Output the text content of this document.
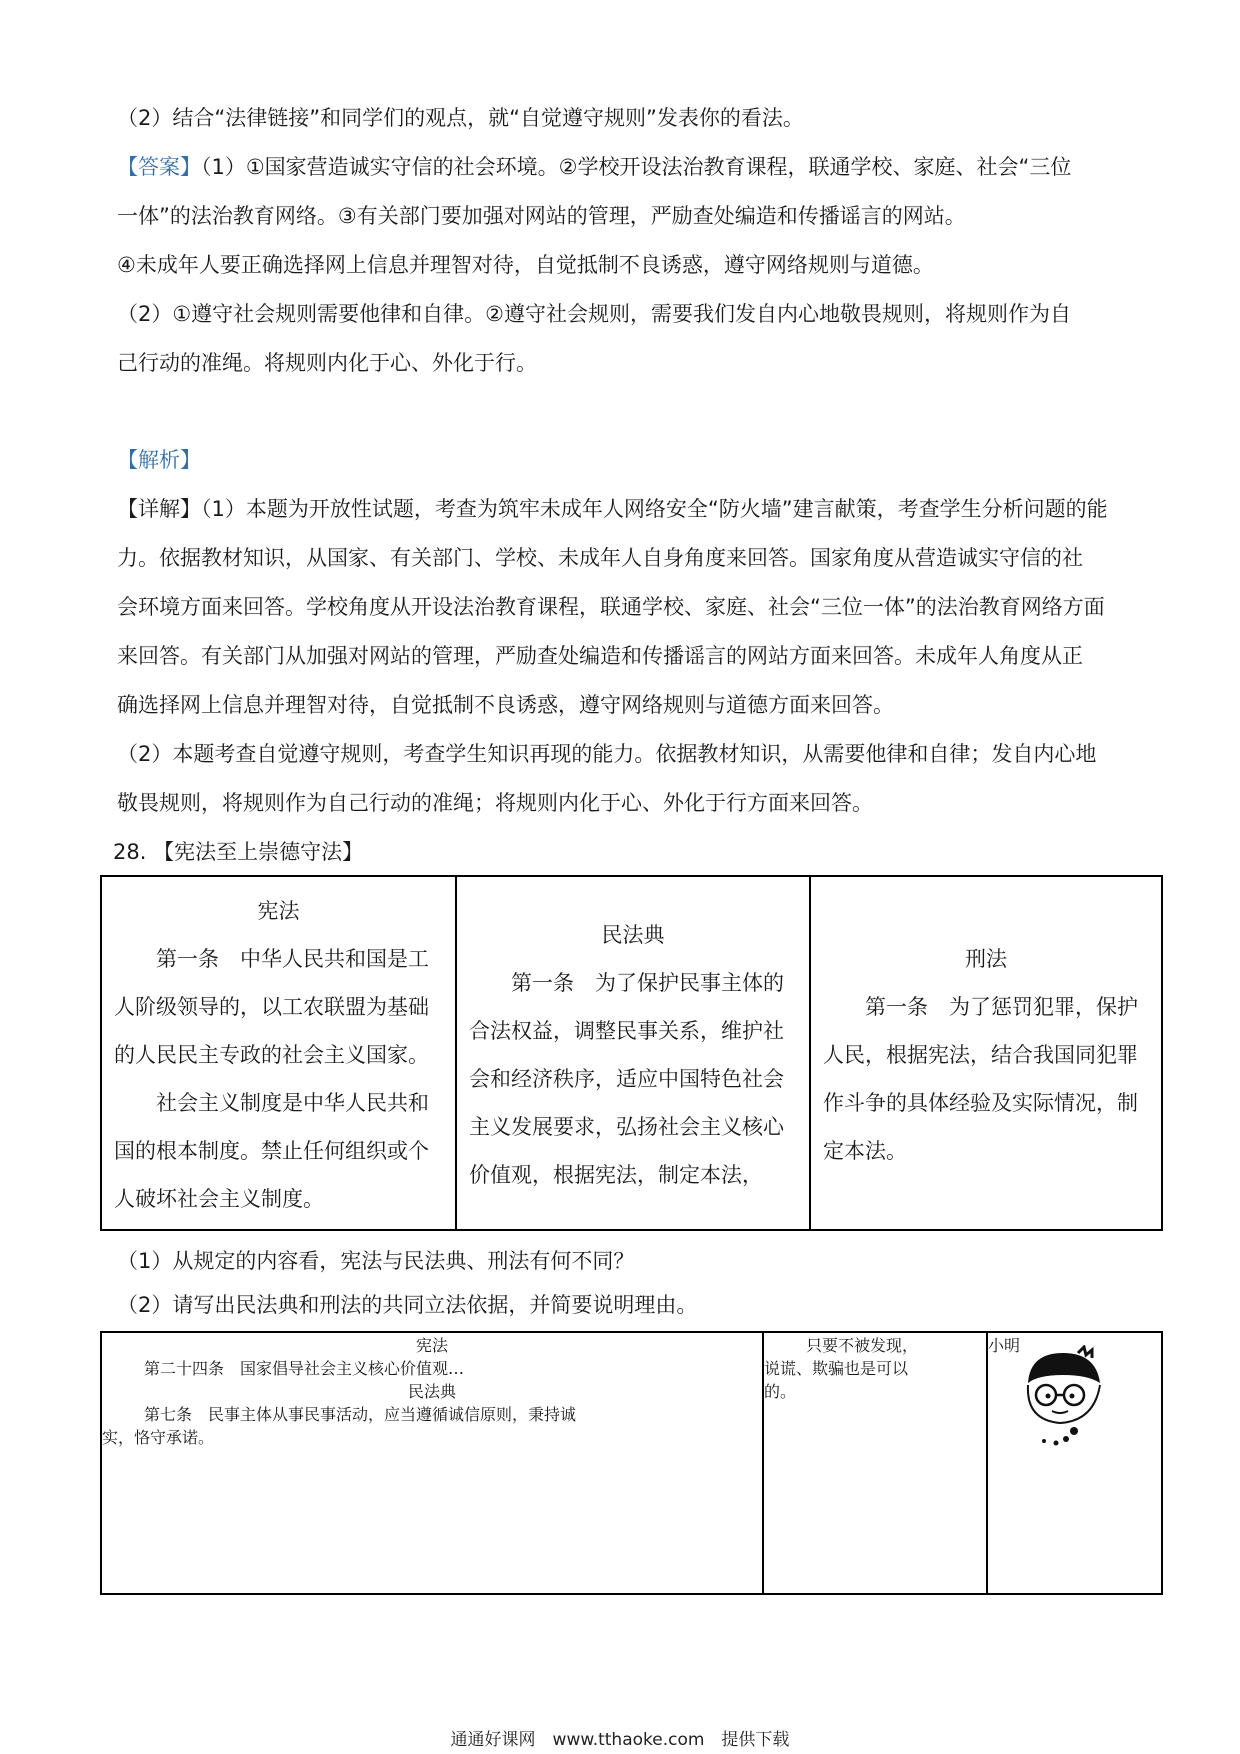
（2）结合“法律链接”和同学们的观点，就“自觉遵守规则”发表你的看法。

【答案】（1）①国家营造诚实守信的社会环境。②学校开设法治教育课程，联通学校、家庭、社会“三位

一体”的法治教育网络。③有关部门要加强对网站的管理，严励查处编造和传播谣言的网站。

④未成年人要正确选择网上信息并理智对待，自觉抵制不良诱惑，遵守网络规则与道德。

（2）①遵守社会规则需要他律和自律。②遵守社会规则，需要我们发自内心地敬畏规则，将规则作为自

己行动的准绳。将规则内化于心、外化于行。

【解析】

【详解】（1）本题为开放性试题，考查为筑牢未成年人网络安全“防火墙”建言献策，考查学生分析问题的能

力。依据教材知识，从国家、有关部门、学校、未成年人自身角度来回答。国家角度从营造诚实守信的社

会环境方面来回答。学校角度从开设法治教育课程，联通学校、家庭、社会“三位一体”的法治教育网络方面

来回答。有关部门从加强对网站的管理，严励查处编造和传播谣言的网站方面来回答。未成年人角度从正

确选择网上信息并理智对待，自觉抵制不良诱惑，遵守网络规则与道德方面来回答。

（2）本题考查自觉遵守规则，考查学生知识再现的能力。依据教材知识，从需要他律和自律；发自内心地

敬畏规则，将规则作为自己行动的准绳；将规则内化于心、外化于行方面来回答。

28. 【宪法至上崇德守法】

宪法
第一条　中华人民共和国是工
人阶级领导的，以工农联盟为基础
的人民民主专政的社会主义国家。
社会主义制度是中华人民共和
国的根本制度。禁止任何组织或个
人破坏社会主义制度。
民法典
第一条　为了保护民事主体的
合法权益，调整民事关系，维护社
会和经济秩序，适应中国特色社会
主义发展要求，弘扬社会主义核心
价值观，根据宪法，制定本法，
刑法
第一条　为了惩罚犯罪，保护
人民，根据宪法，结合我国同犯罪
作斗争的具体经验及实际情况，制
定本法。

（1）从规定的内容看，宪法与民法典、刑法有何不同？

（2）请写出民法典和刑法的共同立法依据，并简要说明理由。

宪法
第二十四条　国家倡导社会主义核心价值观…
民法典
第七条　民事主体从事民事活动，应当遵循诚信原则，秉持诚
实，恪守承诺。
只要不被发现，
说谎、欺骗也是可以
的。
小明
通通好课网　www.tthaoke.com　提供下载
